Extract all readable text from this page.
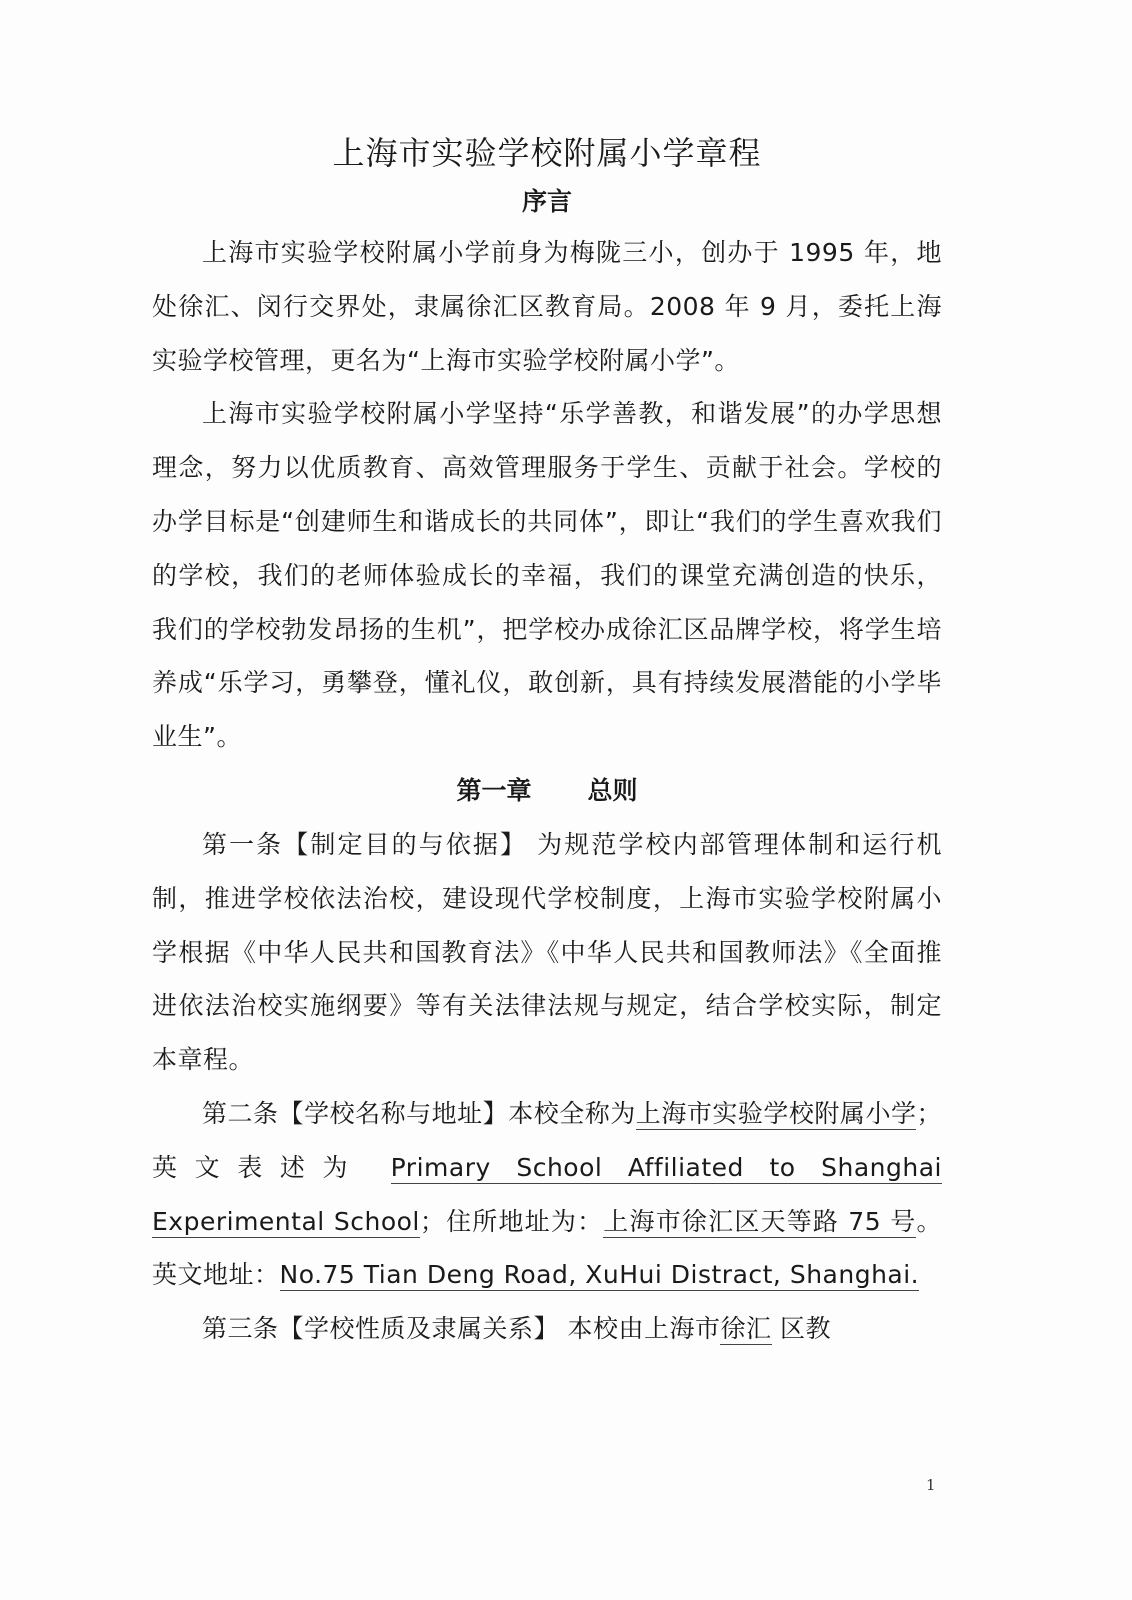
上海市实验学校附属小学章程
序言

上海市实验学校附属小学前身为梅陇三小，创办于 1995 年，地处徐汇、闵行交界处，隶属徐汇区教育局。2008 年 9 月，委托上海实验学校管理，更名为“上海市实验学校附属小学”。

上海市实验学校附属小学坚持“乐学善教，和谐发展”的办学思想理念，努力以优质教育、高效管理服务于学生、贡献于社会。学校的办学目标是“创建师生和谐成长的共同体”，即让“我们的学生喜欢我们的学校，我们的老师体验成长的幸福，我们的课堂充满创造的快乐，我们的学校勃发昂扬的生机”，把学校办成徐汇区品牌学校，将学生培养成“乐学习，勇攀登，懂礼仪，敢创新，具有持续发展潜能的小学毕业生”。

第一章 总则

第一条【制定目的与依据】 为规范学校内部管理体制和运行机制，推进学校依法治校，建设现代学校制度，上海市实验学校附属小学根据《中华人民共和国教育法》《中华人民共和国教师法》《全面推进依法治校实施纲要》等有关法律法规与规定，结合学校实际，制定本章程。

第二条【学校名称与地址】本校全称为上海市实验学校附属小学；英文表述为 Primary School Affiliated to Shanghai Experimental School；住所地址为：上海市徐汇区天等路 75 号。英文地址：No.75 Tian Deng Road, XuHui Distract, Shanghai.

第三条【学校性质及隶属关系】 本校由上海市徐汇 区教

1
